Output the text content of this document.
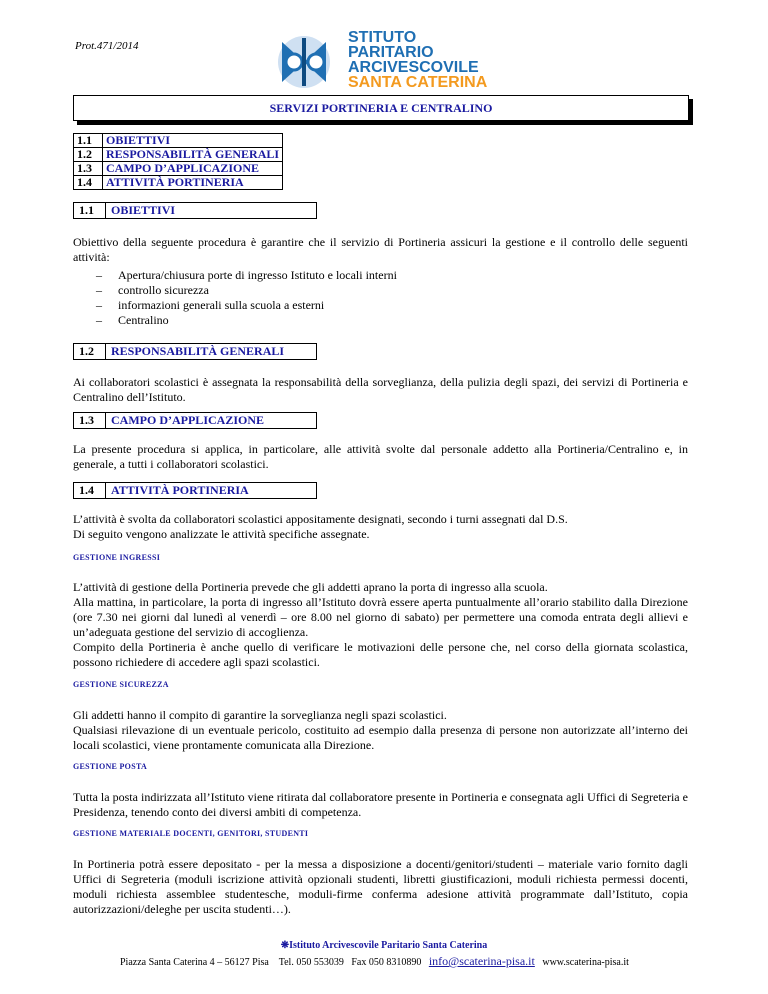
Prot.471/2014	STITUTO
PARITARIO
ARCIVESCOVILE
SANTA CATERINA
SERVIZI PORTINERIA E CENTRALINO
1.1	OBIETTIVI
1.2	RESPONSABILITÀ GENERALI
1.3	CAMPO D’APPLICAZIONE
1.4	ATTIVITÀ PORTINERIA
1.1	OBIETTIVI
Obiettivo della seguente procedura è garantire che il servizio di Portineria assicuri la gestione e il controllo delle seguenti attività:
– Apertura/chiusura porte di ingresso Istituto e locali interni
– controllo sicurezza
– informazioni generali sulla scuola a esterni
– Centralino
1.2	RESPONSABILITÀ GENERALI
Ai collaboratori scolastici è assegnata la responsabilità della sorveglianza, della pulizia degli spazi, dei servizi di Portineria e Centralino dell’Istituto.
1.3	CAMPO D’APPLICAZIONE
La presente procedura si applica, in particolare, alle attività svolte dal personale addetto alla Portineria/Centralino e, in generale, a tutti i collaboratori scolastici.
1.4	ATTIVITÀ PORTINERIA
L’attività è svolta da collaboratori scolastici appositamente designati, secondo i turni assegnati dal D.S.
Di seguito vengono analizzate le attività specifiche assegnate.
GESTIONE INGRESSI
L’attività di gestione della Portineria prevede che gli addetti aprano la porta di ingresso alla scuola.
Alla mattina, in particolare, la porta di ingresso all’Istituto dovrà essere aperta puntualmente all’orario stabilito dalla Direzione (ore 7.30 nei giorni dal lunedì al venerdì – ore 8.00 nel giorno di sabato) per permettere una comoda entrata degli allievi e un’adeguata gestione del servizio di accoglienza.
Compito della Portineria è anche quello di verificare le motivazioni delle persone che, nel corso della giornata scolastica, possono richiedere di accedere agli spazi scolastici.
GESTIONE SICUREZZA
Gli addetti hanno il compito di garantire la sorveglianza negli spazi scolastici.
Qualsiasi rilevazione di un eventuale pericolo, costituito ad esempio dalla presenza di persone non autorizzate all’interno dei locali scolastici, viene prontamente comunicata alla Direzione.
GESTIONE POSTA
Tutta la posta indirizzata all’Istituto viene ritirata dal collaboratore presente in Portineria e consegnata agli Uffici di Segreteria e Presidenza, tenendo conto dei diversi ambiti di competenza.
GESTIONE MATERIALE DOCENTI, GENITORI, STUDENTI
In Portineria potrà essere depositato - per la messa a disposizione a docenti/genitori/studenti – materiale vario fornito dagli Uffici di Segreteria (moduli iscrizione attività opzionali studenti, libretti giustificazioni, moduli richiesta permessi docenti, moduli richiesta assemblee studentesche, moduli-firme conferma adesione attività programmate dall’Istituto, copia autorizzazioni/deleghe per uscita studenti…).
❋Istituto Arcivescovile Paritario Santa Caterina
Piazza Santa Caterina 4 – 56127 Pisa Tel. 050 553039 Fax 050 8310890 info@scaterina-pisa.it www.scaterina-pisa.it
